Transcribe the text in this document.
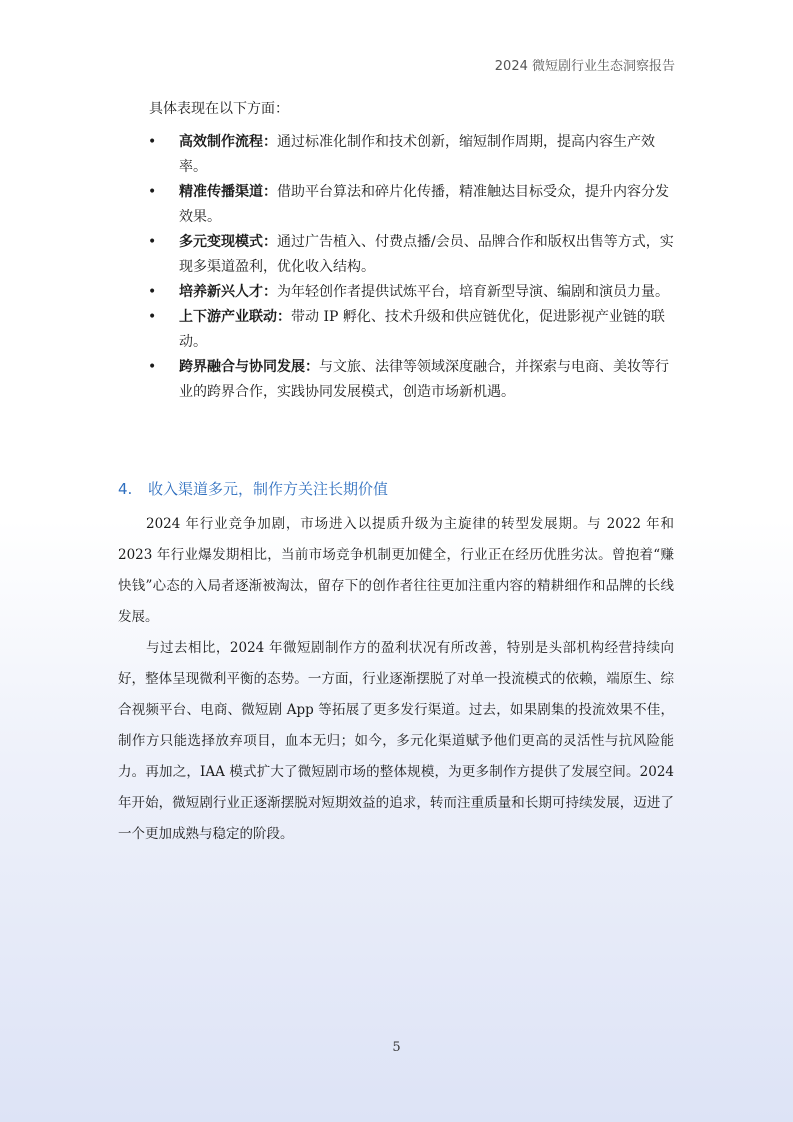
2024 微短剧行业生态洞察报告
具体表现在以下方面：
• 高效制作流程：通过标准化制作和技术创新，缩短制作周期，提高内容生产效率。
• 精准传播渠道：借助平台算法和碎片化传播，精准触达目标受众，提升内容分发效果。
• 多元变现模式：通过广告植入、付费点播/会员、品牌合作和版权出售等方式，实现多渠道盈利，优化收入结构。
• 培养新兴人才：为年轻创作者提供试炼平台，培育新型导演、编剧和演员力量。
• 上下游产业联动：带动 IP 孵化、技术升级和供应链优化，促进影视产业链的联动。
• 跨界融合与协同发展：与文旅、法律等领域深度融合，并探索与电商、美妆等行业的跨界合作，实践协同发展模式，创造市场新机遇。
4. 收入渠道多元，制作方关注长期价值

2024 年行业竞争加剧，市场进入以提质升级为主旋律的转型发展期。与 2022 年和 2023 年行业爆发期相比，当前市场竞争机制更加健全，行业正在经历优胜劣汰。曾抱着“赚快钱”心态的入局者逐渐被淘汰，留存下的创作者往往更加注重内容的精耕细作和品牌的长线发展。

与过去相比，2024 年微短剧制作方的盈利状况有所改善，特别是头部机构经营持续向好，整体呈现微利平衡的态势。一方面，行业逐渐摆脱了对单一投流模式的依赖，端原生、综合视频平台、电商、微短剧 App 等拓展了更多发行渠道。过去，如果剧集的投流效果不佳，制作方只能选择放弃项目，血本无归；如今，多元化渠道赋予他们更高的灵活性与抗风险能力。再加之，IAA 模式扩大了微短剧市场的整体规模，为更多制作方提供了发展空间。2024 年开始，微短剧行业正逐渐摆脱对短期效益的追求，转而注重质量和长期可持续发展，迈进了一个更加成熟与稳定的阶段。

5
